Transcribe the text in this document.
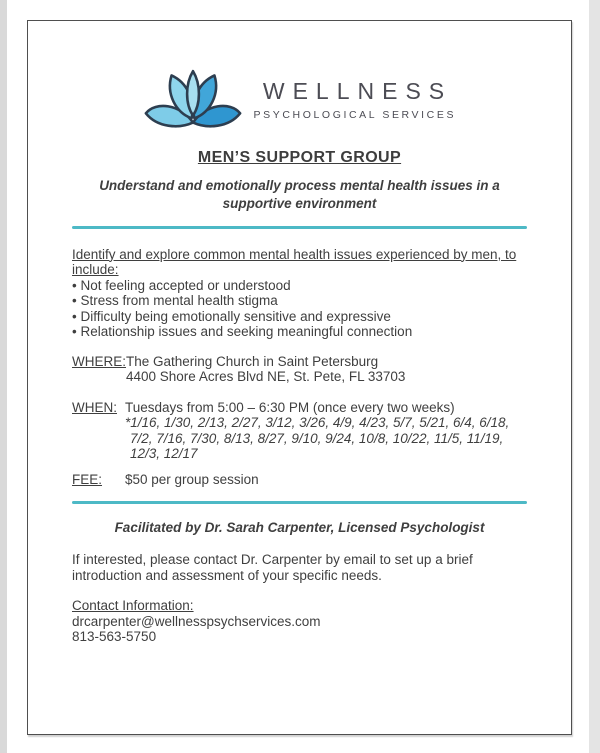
WELLNESS
PSYCHOLOGICAL SERVICES
MEN’S SUPPORT GROUP

Understand and emotionally process mental health issues in a supportive environment

Identify and explore common mental health issues experienced by men, to include:

• Not feeling accepted or understood
• Stress from mental health stigma
• Difficulty being emotionally sensitive and expressive
• Relationship issues and seeking meaningful connection
WHERE: The Gathering Church in Saint Petersburg
4400 Shore Acres Blvd NE, St. Pete, FL 33703
WHEN: Tuesdays from 5:00 – 6:30 PM (once every two weeks)
*1/16, 1/30, 2/13, 2/27, 3/12, 3/26, 4/9, 4/23, 5/7, 5/21, 6/4, 6/18, 7/2, 7/16, 7/30, 8/13, 8/27, 9/10, 9/24, 10/8, 10/22, 11/5, 11/19, 12/3, 12/17
FEE:	$50 per group session

Facilitated by Dr. Sarah Carpenter, Licensed Psychologist

If interested, please contact Dr. Carpenter by email to set up a brief introduction and assessment of your specific needs.

Contact Information:
drcarpenter@wellnesspsychservices.com
813-563-5750
